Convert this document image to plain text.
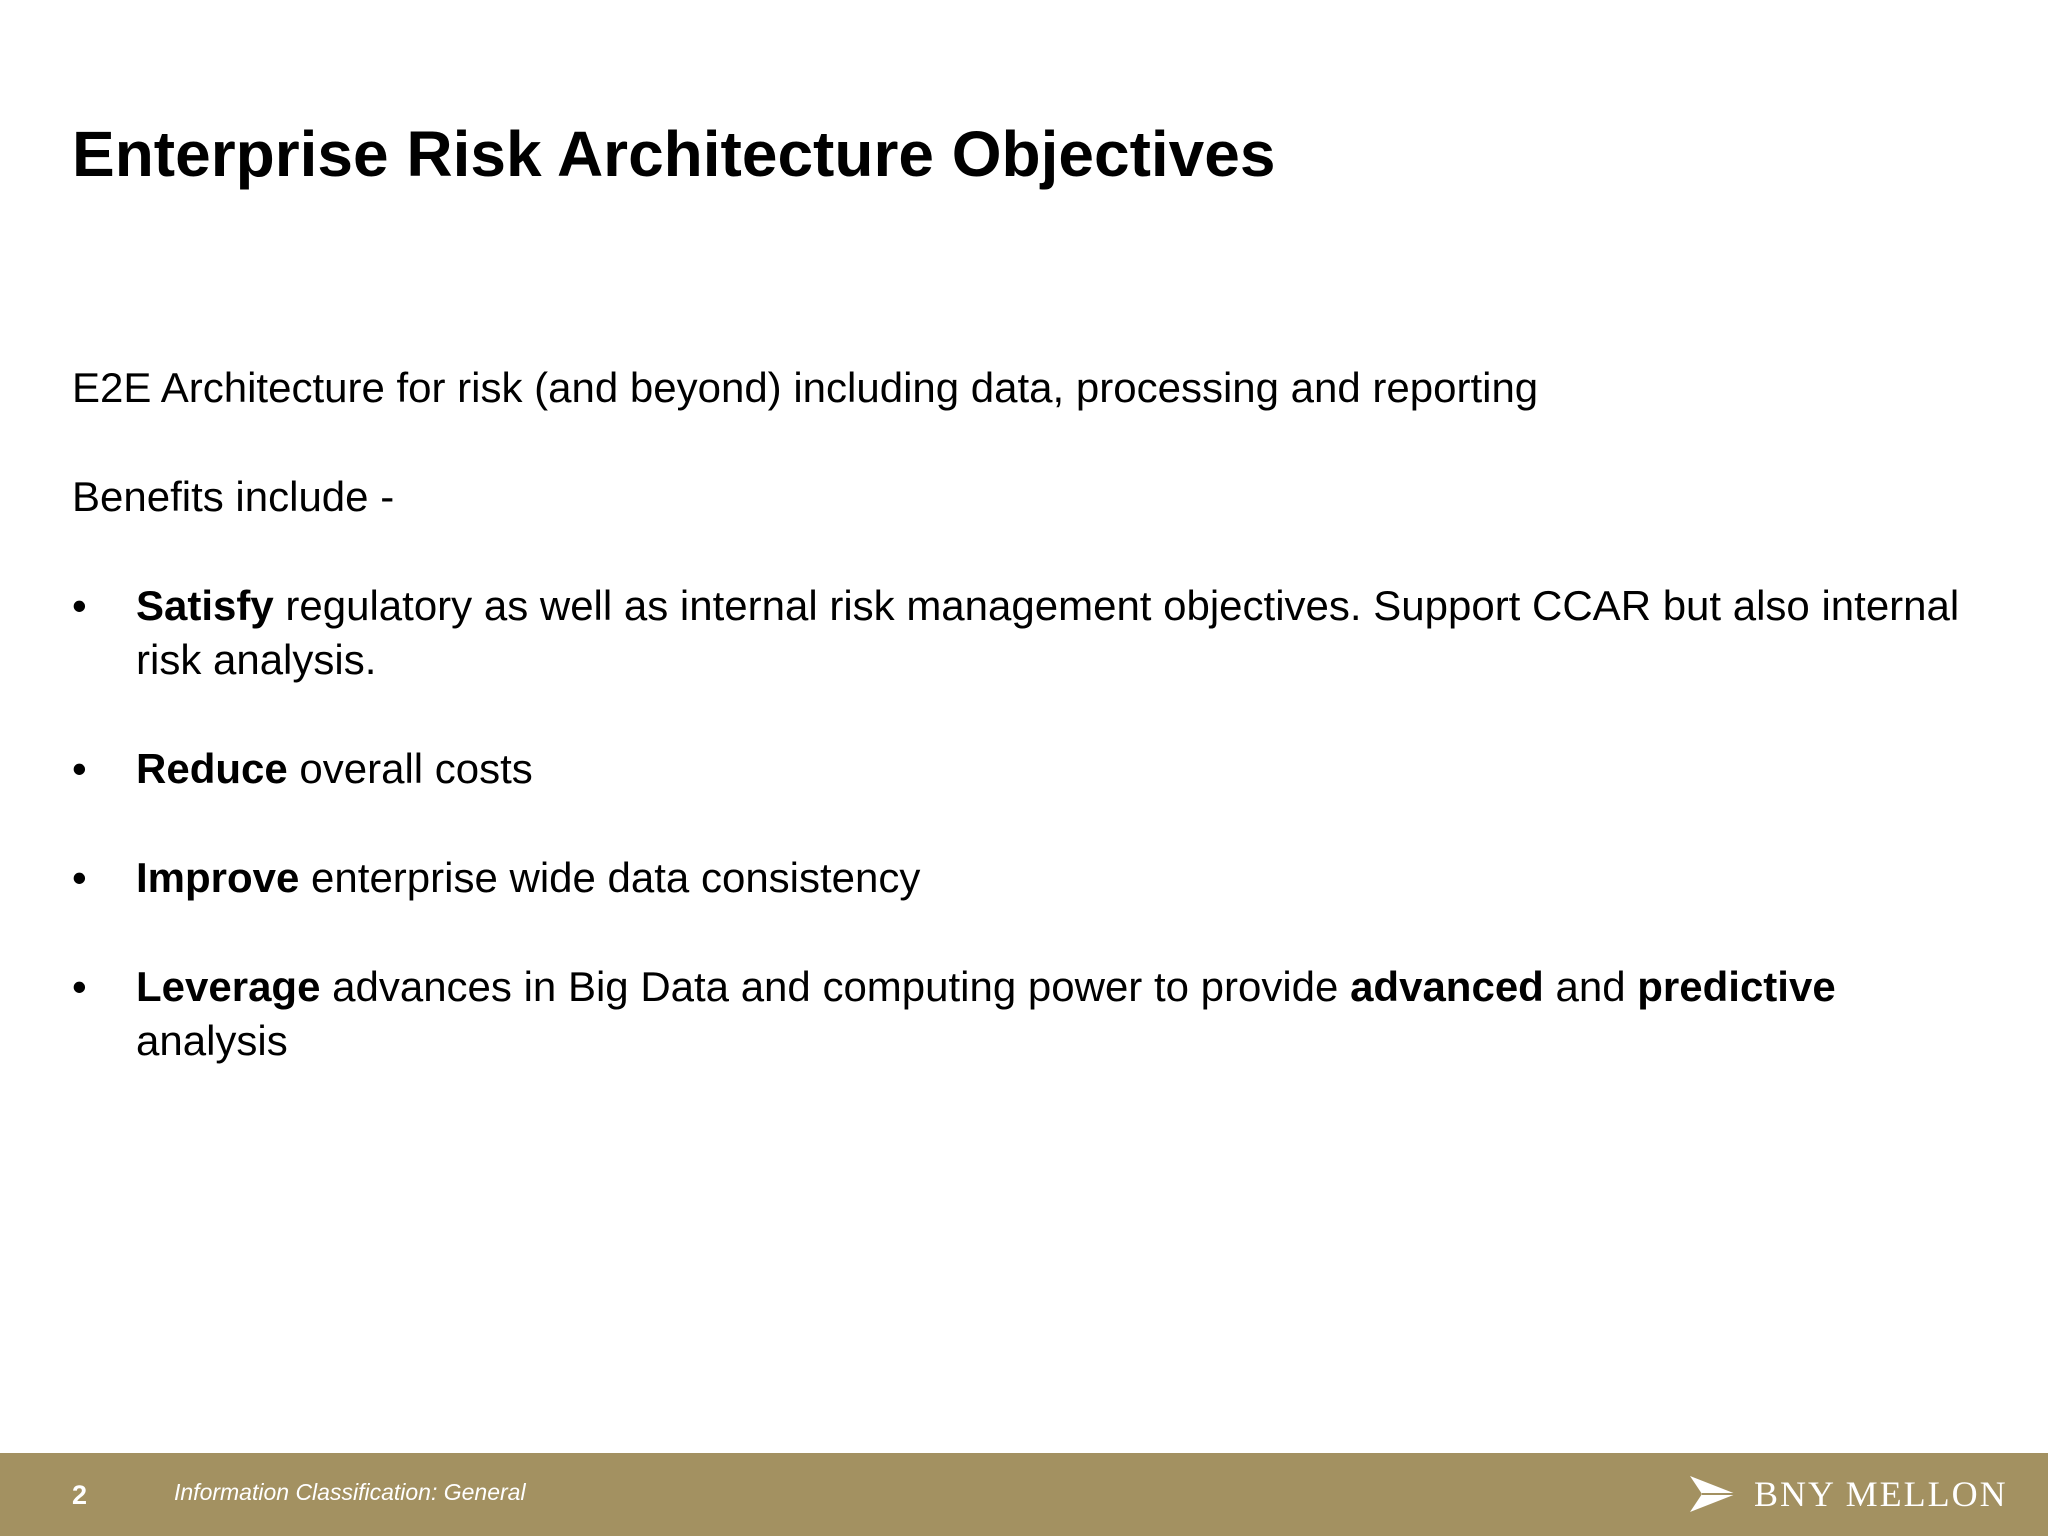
Enterprise Risk Architecture Objectives

E2E Architecture for risk (and beyond) including data, processing and reporting

Benefits include -

• Satisfy regulatory as well as internal risk management objectives. Support CCAR but also internal risk analysis.
• Reduce overall costs
• Improve enterprise wide data consistency
• Leverage advances in Big Data and computing power to provide advanced and predictive analysis
2	Information Classification: General	BNY MELLON
